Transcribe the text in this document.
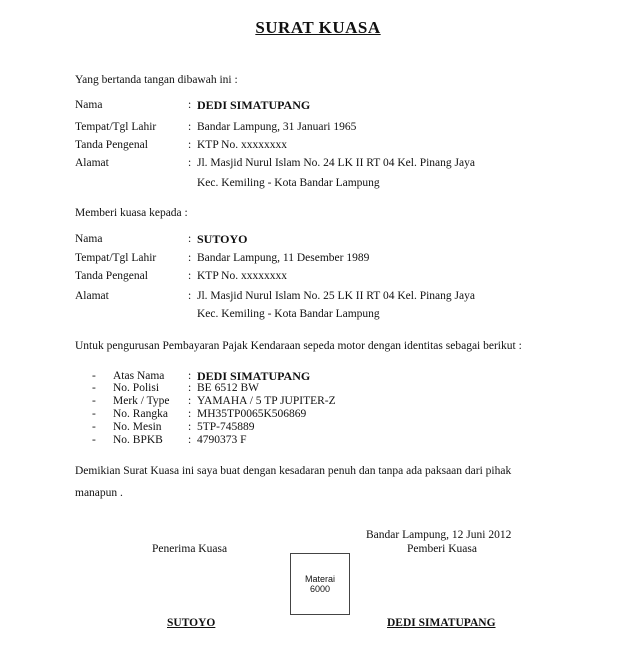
SURAT KUASA
Yang bertanda tangan dibawah ini :
Nama	: DEDI SIMATUPANG
Tempat/Tgl Lahir	: Bandar Lampung, 31 Januari 1965
Tanda Pengenal	: KTP No. xxxxxxxx
Alamat	: Jl. Masjid Nurul Islam No. 24 LK II RT 04 Kel. Pinang Jaya
Kec. Kemiling - Kota Bandar Lampung
Memberi kuasa kepada :
Nama	: SUTOYO
Tempat/Tgl Lahir	: Bandar Lampung, 11 Desember 1989
Tanda Pengenal	: KTP No. xxxxxxxx
Alamat	: Jl. Masjid Nurul Islam No. 25 LK II RT 04 Kel. Pinang Jaya
Kec. Kemiling - Kota Bandar Lampung
Untuk pengurusan Pembayaran Pajak Kendaraan sepeda motor dengan identitas sebagai berikut :
- Atas Nama : DEDI SIMATUPANG
- No. Polisi	: BE 6512 BW
- Merk / Type : YAMAHA / 5 TP JUPITER-Z
- No. Rangka : MH35TP0065K506869
- No. Mesin : 5TP-745889
- No. BPKB : 4790373 F
Demikian Surat Kuasa ini saya buat dengan kesadaran penuh dan tanpa ada paksaan dari pihak
manapun .
Bandar Lampung, 12 Juni 2012
Penerima Kuasa	Pemberi Kuasa
Materai
6000
SUTOYO	DEDI SIMATUPANG
